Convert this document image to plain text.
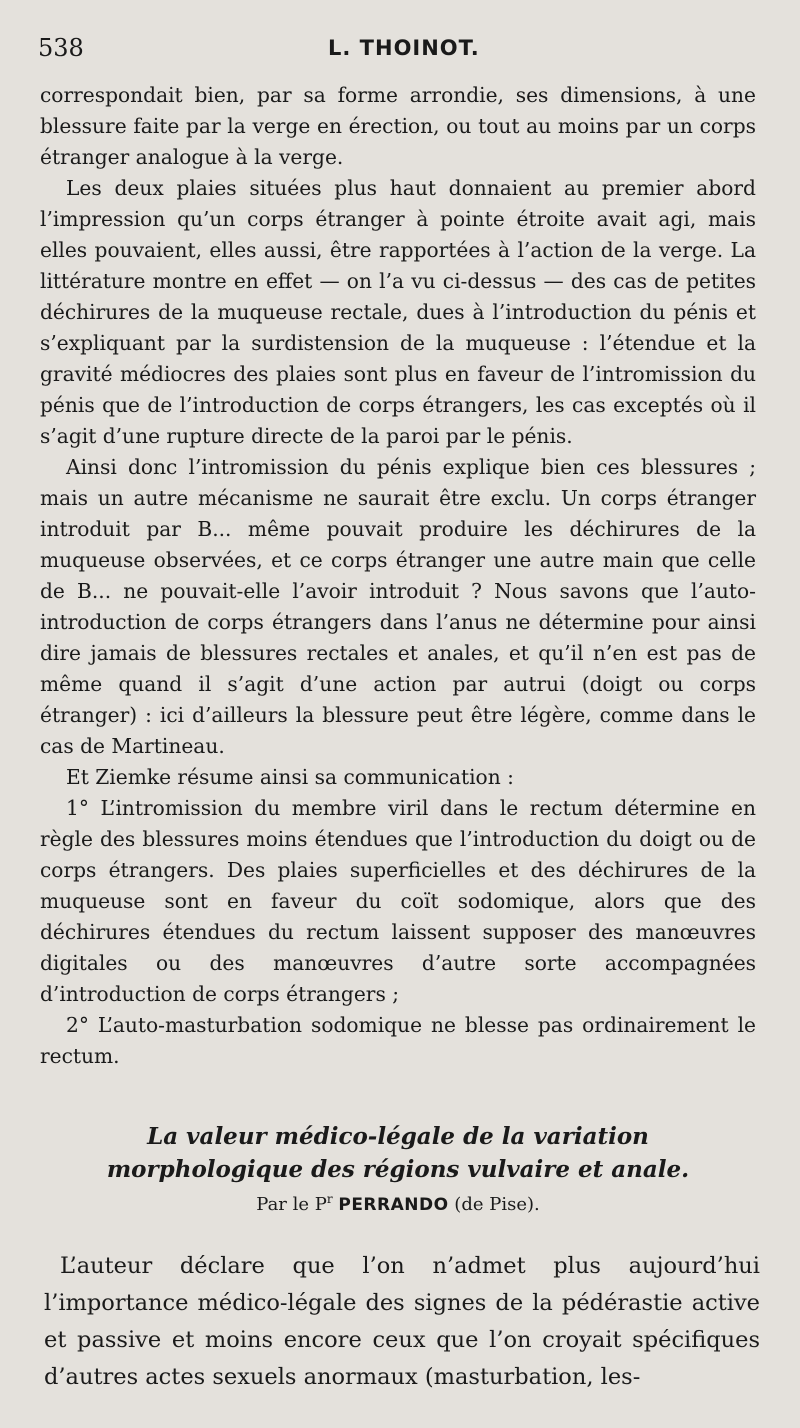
538	L. THOINOT.

correspondait bien, par sa forme arrondie, ses dimensions, à une blessure faite par la verge en érection, ou tout au moins par un corps étranger analogue à la verge.

Les deux plaies situées plus haut donnaient au premier abord l’impression qu’un corps étranger à pointe étroite avait agi, mais elles pouvaient, elles aussi, être rapportées à l’action de la verge. La littérature montre en effet — on l’a vu ci-dessus — des cas de petites déchirures de la muqueuse rectale, dues à l’introduction du pénis et s’expliquant par la surdistension de la muqueuse : l’étendue et la gravité médiocres des plaies sont plus en faveur de l’intromission du pénis que de l’introduction de corps étrangers, les cas exceptés où il s’agit d’une rupture directe de la paroi par le pénis.

Ainsi donc l’intromission du pénis explique bien ces blessures ; mais un autre mécanisme ne saurait être exclu. Un corps étranger introduit par B... même pouvait produire les déchirures de la muqueuse observées, et ce corps étranger une autre main que celle de B... ne pouvait-elle l’avoir introduit ? Nous savons que l’auto-introduction de corps étrangers dans l’anus ne détermine pour ainsi dire jamais de blessures rectales et anales, et qu’il n’en est pas de même quand il s’agit d’une action par autrui (doigt ou corps étranger) : ici d’ailleurs la blessure peut être légère, comme dans le cas de Martineau.

Et Ziemke résume ainsi sa communication :

1° L’intromission du membre viril dans le rectum détermine en règle des blessures moins étendues que l’introduction du doigt ou de corps étrangers. Des plaies superficielles et des déchirures de la muqueuse sont en faveur du coït sodomique, alors que des déchirures étendues du rectum laissent supposer des manœuvres digitales ou des manœuvres d’autre sorte accompagnées d’introduction de corps étrangers ;

2° L’auto-masturbation sodomique ne blesse pas ordinairement le rectum.

La valeur médico-légale de la variation
morphologique des régions vulvaire et anale.
Par le $P^r$ PERRANDO (de Pise).

L’auteur déclare que l’on n’admet plus aujourd’hui l’importance médico-légale des signes de la pédérastie active et passive et moins encore ceux que l’on croyait spécifiques d’autres actes sexuels anormaux (masturbation, les-
